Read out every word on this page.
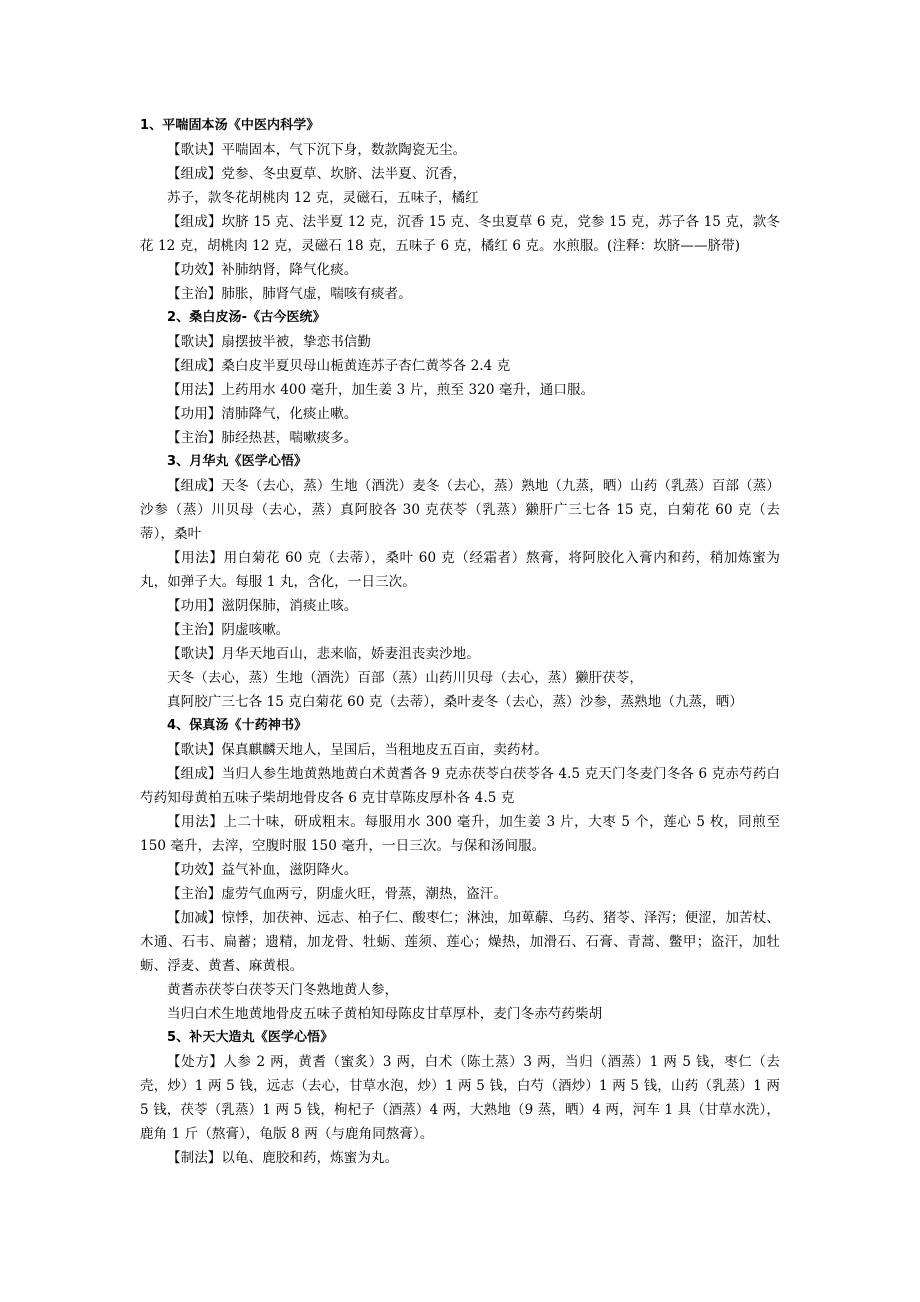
1、平喘固本汤《中医内科学》
【歌诀】平喘固本，气下沉下身，数款陶瓷无尘。
【组成】党参、冬虫夏草、坎脐、法半夏、沉香，
苏子，款冬花胡桃肉 12 克，灵磁石，五味子，橘红
【组成】坎脐 15 克、法半夏 12 克，沉香 15 克、冬虫夏草 6 克，党参 15 克，苏子各 15 克，款冬花 12 克，胡桃肉 12 克，灵磁石 18 克，五味子 6 克，橘红 6 克。水煎服。(注释：坎脐——脐带)
【功效】补肺纳肾，降气化痰。
【主治】肺胀，肺肾气虚，喘咳有痰者。
2、桑白皮汤-《古今医统》
【歌诀】扇摆披半被，挚恋书信勤
【组成】桑白皮半夏贝母山栀黄连苏子杏仁黄芩各 2.4 克
【用法】上药用水 400 毫升，加生姜 3 片，煎至 320 毫升，通口服。
【功用】清肺降气，化痰止嗽。
【主治】肺经热甚，喘嗽痰多。
3、月华丸《医学心悟》
【组成】天冬（去心，蒸）生地（酒洗）麦冬（去心，蒸）熟地（九蒸，晒）山药（乳蒸）百部（蒸）沙参（蒸）川贝母（去心，蒸）真阿胶各 30 克茯苓（乳蒸）獭肝广三七各 15 克，白菊花 60 克（去蒂），桑叶
【用法】用白菊花 60 克（去蒂），桑叶 60 克（经霜者）熬膏，将阿胶化入膏内和药，稍加炼蜜为丸，如弹子大。每服 1 丸，含化，一日三次。
【功用】滋阴保肺，消痰止咳。
【主治】阴虚咳嗽。
【歌诀】月华天地百山，悲来临，娇妻沮丧卖沙地。
天冬（去心，蒸）生地（酒洗）百部（蒸）山药川贝母（去心，蒸）獭肝茯苓，
真阿胶广三七各 15 克白菊花 60 克（去蒂），桑叶麦冬（去心，蒸）沙参，蒸熟地（九蒸，晒）
4、保真汤《十药神书》
【歌诀】保真麒麟天地人，呈国后，当租地皮五百亩，卖药材。
【组成】当归人参生地黄熟地黄白术黄耆各 9 克赤茯苓白茯苓各 4.5 克天门冬麦门冬各 6 克赤芍药白芍药知母黄柏五味子柴胡地骨皮各 6 克甘草陈皮厚朴各 4.5 克
【用法】上二十味，研成粗末。每服用水 300 毫升，加生姜 3 片，大枣 5 个，莲心 5 枚，同煎至 150 毫升，去滓，空腹时服 150 毫升，一日三次。与保和汤间服。
【功效】益气补血，滋阴降火。
【主治】虚劳气血两亏，阴虚火旺，骨蒸，潮热，盗汗。
【加减】惊悸，加茯神、远志、柏子仁、酸枣仁；淋浊，加萆薢、乌药、猪苓、泽泻；便涩，加苦杖、木通、石韦、扁蓄；遗精，加龙骨、牡蛎、莲须、莲心；燥热，加滑石、石膏、青蒿、鳖甲；盗汗，加牡蛎、浮麦、黄耆、麻黄根。
黄耆赤茯苓白茯苓天门冬熟地黄人参，
当归白术生地黄地骨皮五味子黄柏知母陈皮甘草厚朴，麦门冬赤芍药柴胡
5、补天大造丸《医学心悟》
【处方】人参 2 两，黄耆（蜜炙）3 两，白术（陈土蒸）3 两，当归（酒蒸）1 两 5 钱，枣仁（去壳，炒）1 两 5 钱，远志（去心，甘草水泡，炒）1 两 5 钱，白芍（酒炒）1 两 5 钱，山药（乳蒸）1 两 5 钱，茯苓（乳蒸）1 两 5 钱，枸杞子（酒蒸）4 两，大熟地（9 蒸，晒）4 两，河车 1 具（甘草水洗），鹿角 1 斤（熬膏），龟版 8 两（与鹿角同熬膏）。
【制法】以龟、鹿胶和药，炼蜜为丸。
